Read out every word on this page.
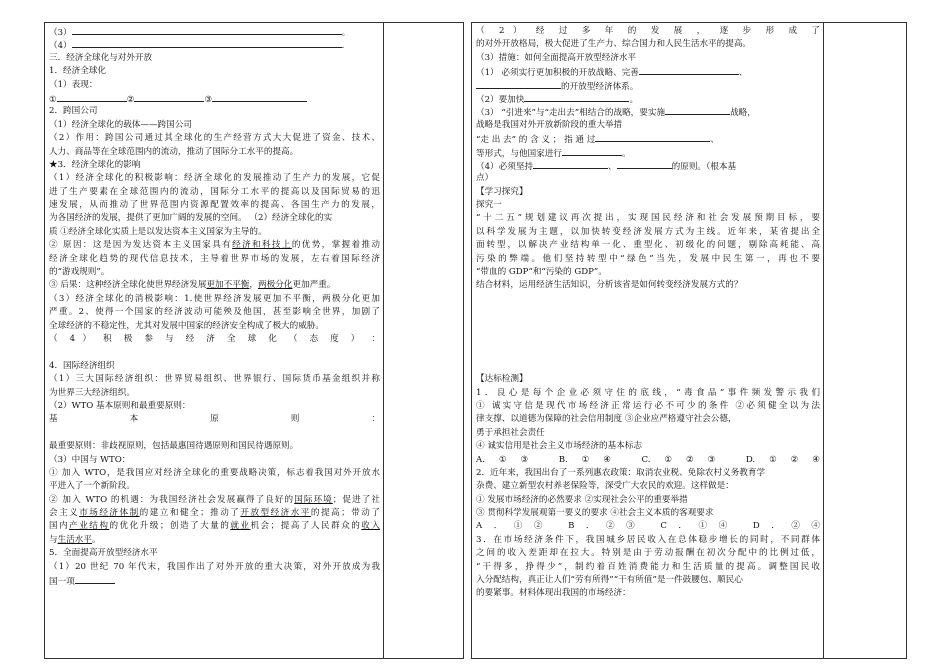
（3）	。
（4）	.
三．经济全球化与对外开放
1．经济全球化
（1）表现：
①	②	③
2．跨国公司
（1）经济全球化的载体——跨国公司
（2）作用：跨国公司通过其全球化的生产经营方式大大促进了资金、技术、
人力、商品等在全球范围内的流动，推动了国际分工水平的提高。
★3．经济全球化的影响
（1）经济全球化的积极影响：经济全球化的发展推动了生产力的发展，它促
进了生产要素在全球范围内的流动，国际分工水平的提高以及国际贸易的迅
速发展，从而推动了世界范围内资源配置效率的提高、各国生产力的发展，
为各国经济的发展，提供了更加广阔的发展的空间。 （2）经济全球化的实
质 ①经济全球化实质上是以发达资本主义国家为主导的。
② 原因：这是因为发达资本主义国家具有经济和科技上的优势，掌握着推动
经济全球化趋势的现代信息技术，主导着世界市场的发展，左右着国际经济
的“游戏规则”。
③ 后果：这种经济全球化使世界经济发展更加不平衡，两极分化更加严重。
（3）经济全球化的消极影响：1.使世界经济发展更加不平衡，两极分化更加
严重。2、使得一个国家的经济波动可能殃及他国，甚至影响全世界，加剧了
全球经济的不稳定性，尤其对发展中国家的经济安全构成了极大的威胁。
（ 4 ） 积 极 参 与 经 济 全 球 化 （ 态 度 ） ：
4．国际经济组织
（1）三大国际经济组织：世界贸易组织、世界银行、国际货币基金组织并称
为世界三大经济组织。
（2）WTO 基本原则和最重要原则：
基 本 原 则 ：
最重要原则：非歧视原则，包括最惠国待遇原则和国民待遇原则。
（3）中国与 WTO：
① 加入 WTO，是我国应对经济全球化的重要战略决策，标志着我国对外开放水
平进入了一个新阶段。
② 加入 WTO 的机遇：为我国经济社会发展赢得了良好的国际环境；促进了社
会主义市场经济体制的建立和健全；推动了开放型经济水平的提高；带动了
国内产业结构的优化升级；创造了大量的就业机会；提高了人民群众的收入
与生活水平。
5．全面提高开放型经济水平
（1）20 世纪 70 年代末，我国作出了对外开放的重大决策，对外开放成为我
国一项
（ 2 ） 经 过 多 年 的 发 展 ， 逐 步 形 成 了
的对外开放格局，极大促进了生产力、综合国力和人民生活水平的提高。
（3）措施：如何全面提高开放型经济水平
（1） 必须实行更加积极的开放战略、完善	、
的开放型经济体系。
（2）要加快	。
（3） “引进来”与“走出去”相结合的战略，要实施	战略，
战略是我国对外开放新阶段的重大举措
“走 出 去” 的 含 义 ； 指 通 过	、
等形式，与他国家进行	。
（4）必须坚持	、	的原则。（根本基
点）
【学习探究】
探究一
“十二五”规划建议再次提出，实现国民经济和社会发展预期目标，要
以科学发展为主题，以加快转变经济发展方式为主线。近年来，某省提出全
面转型，以解决产业结构单一化、重型化、初级化的问题，剔除高耗能、高
污染的弊端。他们坚持转型中“绿色”当先，发展中民生第一，再也不要
“带血的 GDP”和“污染的 GDP”。
结合材料，运用经济生活知识，分析该省是如何转变经济发展方式的？
【达标检测】
1．良心是每个企业必须守住的底线，“毒食品”事件频发警示我们
① 诚实守信是现代市场经济正常运行必不可少的条件 ②必须健全以为法
律支撑、以道德为保障的社会信用制度 ③企业应严格遵守社会公德，
勇于承担社会责任
④ 诚实信用是社会主义市场经济的基本标志
A.①③ B.①④ C.①②③ D.①②④
2．近年来，我国出台了一系列惠农政策：取消农业税、免除农村义务教育学
杂费、建立新型农村养老保险等，深受广大农民的欢迎。这样做是：
① 发展市场经济的必然要求 ②实现社会公平的重要举措
③ 贯彻科学发展观第一要义的要求 ④社会主义本质的客观要求
A．①② B．②③ C．①④ D．②④
3．在市场经济条件下，我国城乡居民收入在总体稳步增长的同时，不同群体
之间的收入差距却在拉大。特别是由于劳动报酬在初次分配中的比例过低，
“干得多，挣得少”，制约着百姓消费能力和生活质量的提高。调整国民收
入分配结构，真正让人们“劳有所得”“干有所值”是一件鼓腰包、顺民心
的要紧事。材料体现出我国的市场经济：
